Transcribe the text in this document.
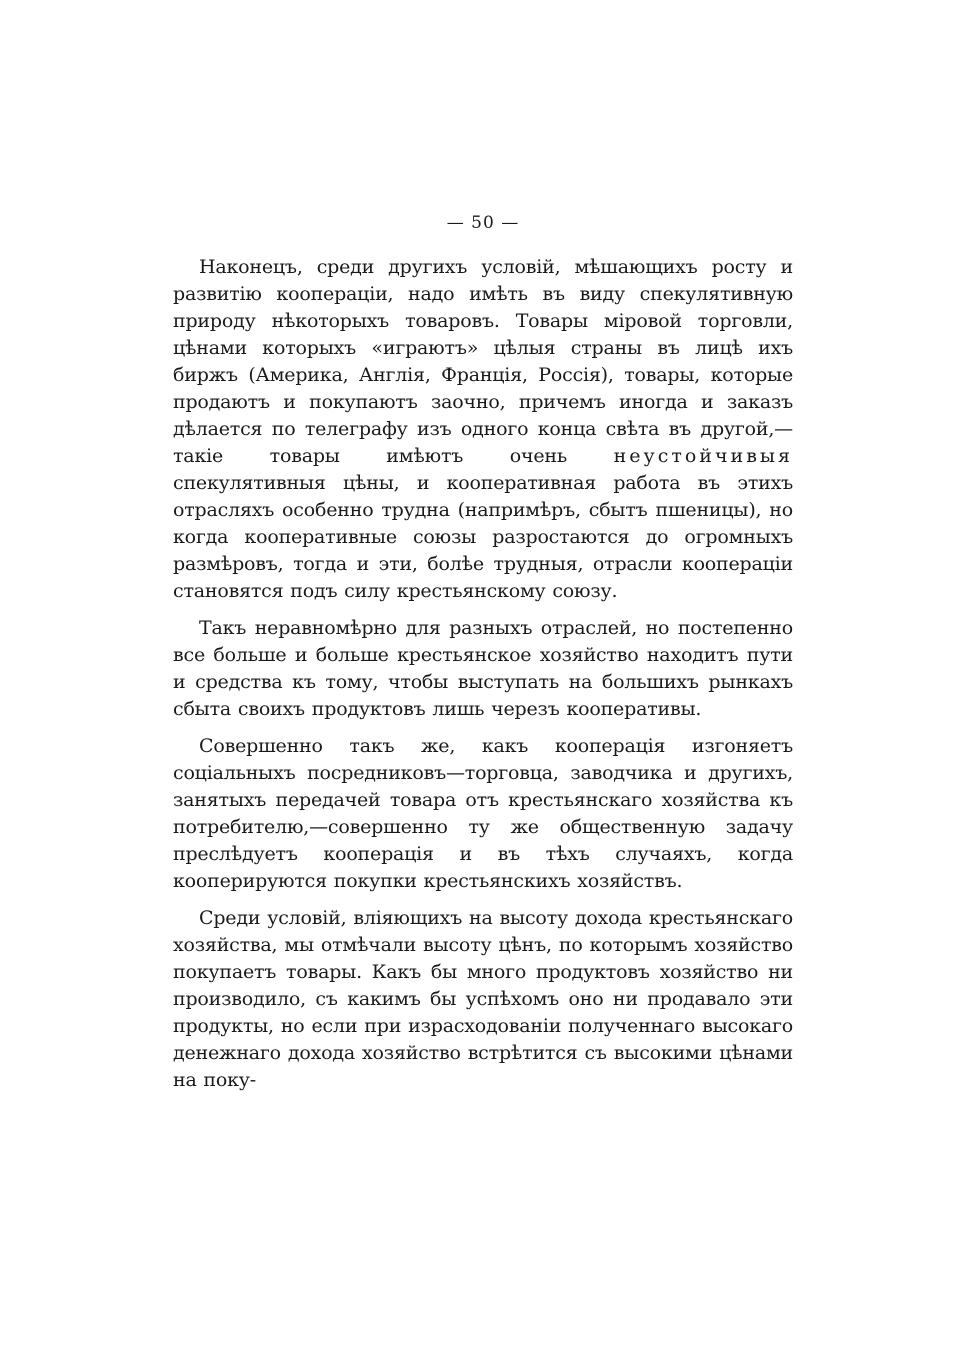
— 50 —

Наконецъ, среди другихъ условій, мѣшающихъ росту и развитію кооперацiи, надо имѣть въ виду спекулятивную природу нѣкоторыхъ товаровъ. Товары мiровой торговли, цѣнами которыхъ «играютъ» цѣлыя страны въ лицѣ ихъ биржъ (Америка, Англія, Франція, Россія), товары, которые продаютъ и покупаютъ заочно, причемъ иногда и заказъ дѣлается по телеграфу изъ одного конца свѣта въ другой,—такіе товары имѣютъ очень неустойчивыя спекулятивныя цѣны, и кооперативная работа въ этихъ отрасляхъ особенно трудна (напримѣръ, сбытъ пшеницы), но когда кооперативные союзы разростаются до огромныхъ размѣровъ, тогда и эти, болѣе трудныя, отрасли кооперацiи становятся подъ силу крестьянскому союзу.

Такъ неравномѣрно для разныхъ отраслей, но постепенно все больше и больше крестьянское хозяйство находитъ пути и средства къ тому, чтобы выступать на большихъ рынкахъ сбыта своихъ продуктовъ лишь черезъ кооперативы.

Совершенно такъ же, какъ кооперація изгоняетъ соціальныхъ посредниковъ—торговца, заводчика и другихъ, занятыхъ передачей товара отъ крестьянскаго хозяйства къ потребителю,—совершенно ту же общественную задачу преслѣдуетъ кооперація и въ тѣхъ случаяхъ, когда кооперируются покупки крестьянскихъ хозяйствъ.

Среди условій, вліяющихъ на высоту дохода крестьянскаго хозяйства, мы отмѣчали высоту цѣнъ, по которымъ хозяйство покупаетъ товары. Какъ бы много продуктовъ хозяйство ни производило, съ какимъ бы успѣхомъ оно ни продавало эти продукты, но если при израсходованіи полученнаго высокаго денежнаго дохода хозяйство встрѣтится съ высокими цѣнами на поку-
